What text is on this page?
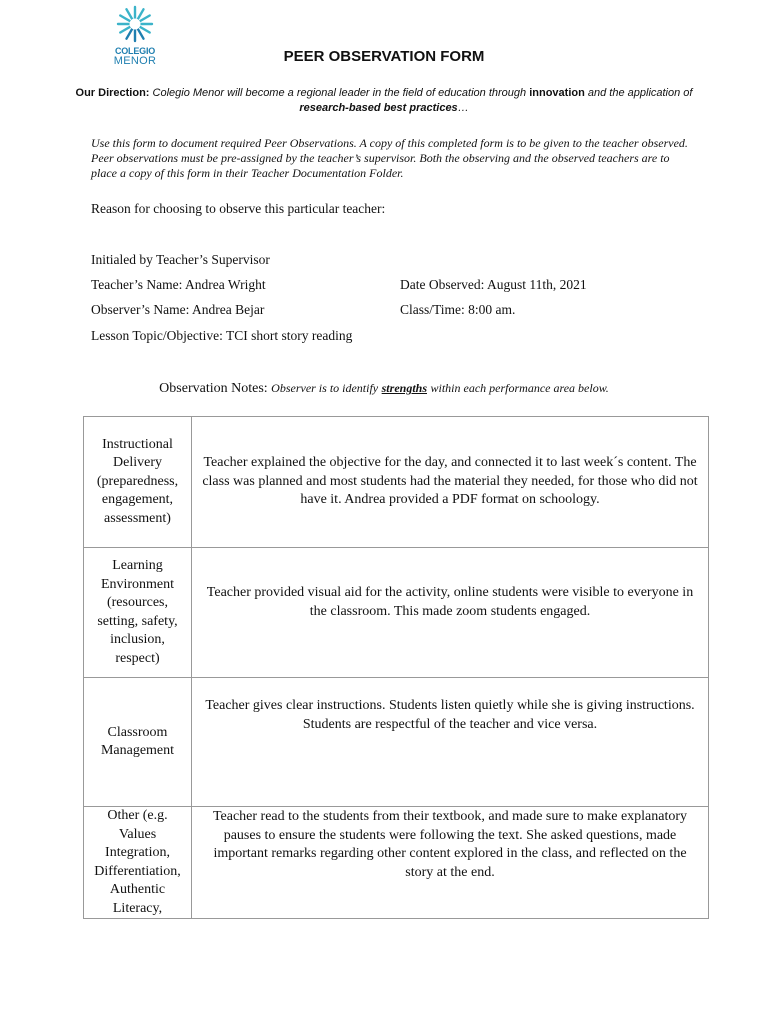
COLEGIO
MENOR	PEER OBSERVATION FORM
Our Direction: Colegio Menor will become a regional leader in the field of education through innovation and the application of research-based best practices…
Use this form to document required Peer Observations. A copy of this completed form is to be given to the teacher observed. Peer observations must be pre-assigned by the teacher’s supervisor. Both the observing and the observed teachers are to place a copy of this form in their Teacher Documentation Folder.
Reason for choosing to observe this particular teacher:
Initialed by Teacher’s Supervisor
Teacher’s Name: Andrea Wright	Date Observed: August 11th, 2021
Observer’s Name: Andrea Bejar	Class/Time: 8:00 am.
Lesson Topic/Objective: TCI short story reading
Observation Notes: Observer is to identify strengths within each performance area below.
Instructional Delivery (preparedness, engagement, assessment)	Teacher explained the objective for the day, and connected it to last week´s content. The class was planned and most students had the material they needed, for those who did not have it. Andrea provided a PDF format on schoology.
Learning Environment (resources, setting, safety, inclusion, respect)	Teacher provided visual aid for the activity, online students were visible to everyone in the classroom. This made zoom students engaged.
Classroom Management	Teacher gives clear instructions. Students listen quietly while she is giving instructions. Students are respectful of the teacher and vice versa.
Other (e.g. Values Integration, Differentiation, Authentic Literacy,	Teacher read to the students from their textbook, and made sure to make explanatory pauses to ensure the students were following the text. She asked questions, made important remarks regarding other content explored in the class, and reflected on the story at the end.
